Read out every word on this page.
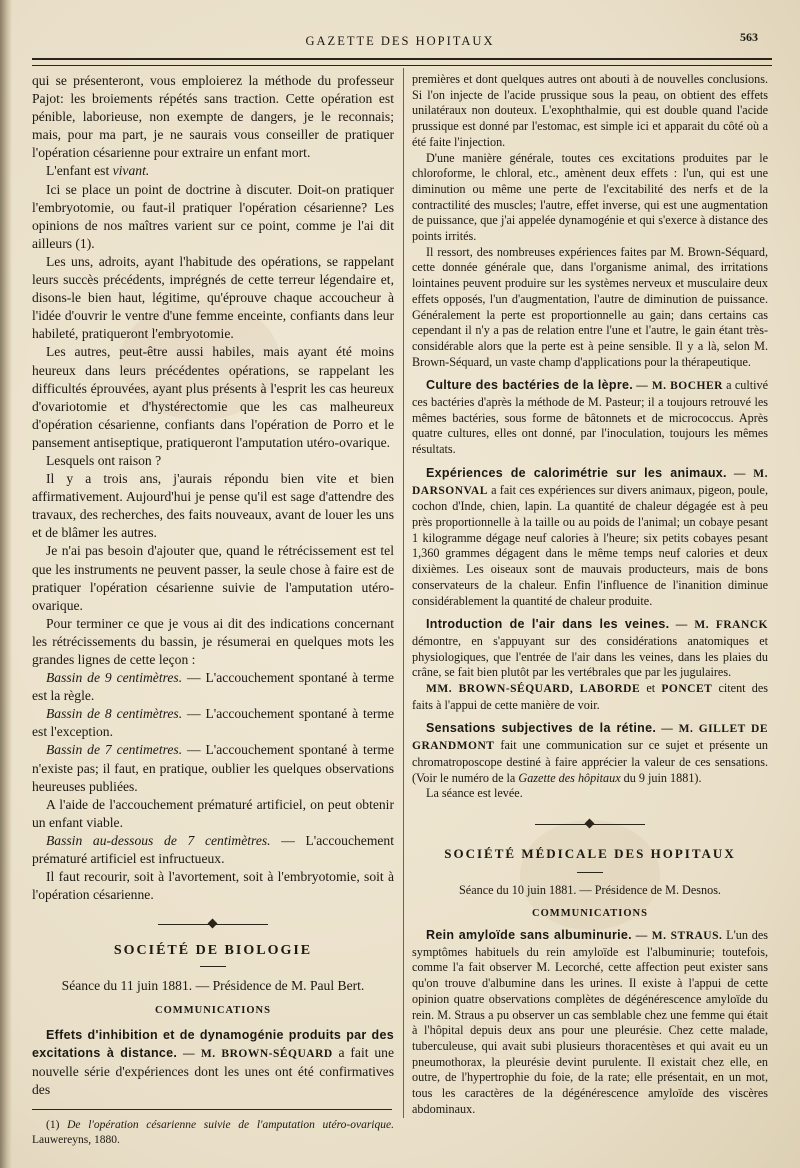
GAZETTE DES HOPITAUX	563

qui se présenteront, vous emploierez la méthode du professeur Pajot: les broiements répétés sans traction. Cette opération est pénible, laborieuse, non exempte de dangers, je le reconnais; mais, pour ma part, je ne saurais vous conseiller de pratiquer l'opération césarienne pour extraire un enfant mort.

L'enfant est vivant.

Ici se place un point de doctrine à discuter. Doit-on pratiquer l'embryotomie, ou faut-il pratiquer l'opération césarienne? Les opinions de nos maîtres varient sur ce point, comme je l'ai dit ailleurs (1).

Les uns, adroits, ayant l'habitude des opérations, se rappelant leurs succès précédents, imprégnés de cette terreur légendaire et, disons-le bien haut, légitime, qu'éprouve chaque accoucheur à l'idée d'ouvrir le ventre d'une femme enceinte, confiants dans leur habileté, pratiqueront l'embryotomie.

Les autres, peut-être aussi habiles, mais ayant été moins heureux dans leurs précédentes opérations, se rappelant les difficultés éprouvées, ayant plus présents à l'esprit les cas heureux d'ovariotomie et d'hystérectomie que les cas malheureux d'opération césarienne, confiants dans l'opération de Porro et le pansement antiseptique, pratiqueront l'amputation utéro-ovarique.

Lesquels ont raison ?

Il y a trois ans, j'aurais répondu bien vite et bien affirmativement. Aujourd'hui je pense qu'il est sage d'attendre des travaux, des recherches, des faits nouveaux, avant de louer les uns et de blâmer les autres.

Je n'ai pas besoin d'ajouter que, quand le rétrécissement est tel que les instruments ne peuvent passer, la seule chose à faire est de pratiquer l'opération césarienne suivie de l'amputation utéro-ovarique.

Pour terminer ce que je vous ai dit des indications concernant les rétrécissements du bassin, je résumerai en quelques mots les grandes lignes de cette leçon :

Bassin de 9 centimètres. — L'accouchement spontané à terme est la règle.

Bassin de 8 centimètres. — L'accouchement spontané à terme est l'exception.

Bassin de 7 centimetres. — L'accouchement spontané à terme n'existe pas; il faut, en pratique, oublier les quelques observations heureuses publiées.

A l'aide de l'accouchement prématuré artificiel, on peut obtenir un enfant viable.

Bassin au-dessous de 7 centimètres. — L'accouchement prématuré artificiel est infructueux.

Il faut recourir, soit à l'avortement, soit à l'embryotomie, soit à l'opération césarienne.

SOCIÉTÉ DE BIOLOGIE
Séance du 11 juin 1881. — Présidence de M. Paul Bert.
COMMUNICATIONS

Effets d'inhibition et de dynamogénie produits par des excitations à distance. — M. BROWN-SÉQUARD a fait une nouvelle série d'expériences dont les unes ont été confirmatives des

(1) De l'opération césarienne suivie de l'amputation utéro-ovarique. Lauwereyns, 1880.

premières et dont quelques autres ont abouti à de nouvelles conclusions. Si l'on injecte de l'acide prussique sous la peau, on obtient des effets unilatéraux non douteux. L'exophthalmie, qui est double quand l'acide prussique est donné par l'estomac, est simple ici et apparait du côté où a été faite l'injection.

D'une manière générale, toutes ces excitations produites par le chloroforme, le chloral, etc., amènent deux effets : l'un, qui est une diminution ou même une perte de l'excitabilité des nerfs et de la contractilité des muscles; l'autre, effet inverse, qui est une augmentation de puissance, que j'ai appelée dynamogénie et qui s'exerce à distance des points irrités.

Il ressort, des nombreuses expériences faites par M. Brown-Séquard, cette donnée générale que, dans l'organisme animal, des irritations lointaines peuvent produire sur les systèmes nerveux et musculaire deux effets opposés, l'un d'augmentation, l'autre de diminution de puissance. Généralement la perte est proportionnelle au gain; dans certains cas cependant il n'y a pas de relation entre l'une et l'autre, le gain étant très-considérable alors que la perte est à peine sensible. Il y a là, selon M. Brown-Séquard, un vaste champ d'applications pour la thérapeutique.

Culture des bactéries de la lèpre. — M. BOCHER a cultivé ces bactéries d'après la méthode de M. Pasteur; il a toujours retrouvé les mêmes bactéries, sous forme de bâtonnets et de micrococcus. Après quatre cultures, elles ont donné, par l'inoculation, toujours les mêmes résultats.

Expériences de calorimétrie sur les animaux. — M. DARSONVAL a fait ces expériences sur divers animaux, pigeon, poule, cochon d'Inde, chien, lapin. La quantité de chaleur dégagée est à peu près proportionnelle à la taille ou au poids de l'animal; un cobaye pesant 1 kilogramme dégage neuf calories à l'heure; six petits cobayes pesant 1,360 grammes dégagent dans le même temps neuf calories et deux dixièmes. Les oiseaux sont de mauvais producteurs, mais de bons conservateurs de la chaleur. Enfin l'influence de l'inanition diminue considérablement la quantité de chaleur produite.

Introduction de l'air dans les veines. — M. FRANCK démontre, en s'appuyant sur des considérations anatomiques et physiologiques, que l'entrée de l'air dans les veines, dans les plaies du crâne, se fait bien plutôt par les vertébrales que par les jugulaires.

MM. BROWN-SÉQUARD, LABORDE et PONCET citent des faits à l'appui de cette manière de voir.

Sensations subjectives de la rétine. — M. GILLET DE GRANDMONT fait une communication sur ce sujet et présente un chromatroposcope destiné à faire apprécier la valeur de ces sensations. (Voir le numéro de la Gazette des hôpitaux du 9 juin 1881).

La séance est levée.

SOCIÉTÉ MÉDICALE DES HOPITAUX
Séance du 10 juin 1881. — Présidence de M. Desnos.
COMMUNICATIONS

Rein amyloïde sans albuminurie. — M. STRAUS. L'un des symptômes habituels du rein amyloïde est l'albuminurie; toutefois, comme l'a fait observer M. Lecorché, cette affection peut exister sans qu'on trouve d'albumine dans les urines. Il existe à l'appui de cette opinion quatre observations complètes de dégénérescence amyloïde du rein. M. Straus a pu observer un cas semblable chez une femme qui était à l'hôpital depuis deux ans pour une pleurésie. Chez cette malade, tuberculeuse, qui avait subi plusieurs thoracentèses et qui avait eu un pneumothorax, la pleurésie devint purulente. Il existait chez elle, en outre, de l'hypertrophie du foie, de la rate; elle présentait, en un mot, tous les caractères de la dégénérescence amyloïde des viscères abdominaux.
